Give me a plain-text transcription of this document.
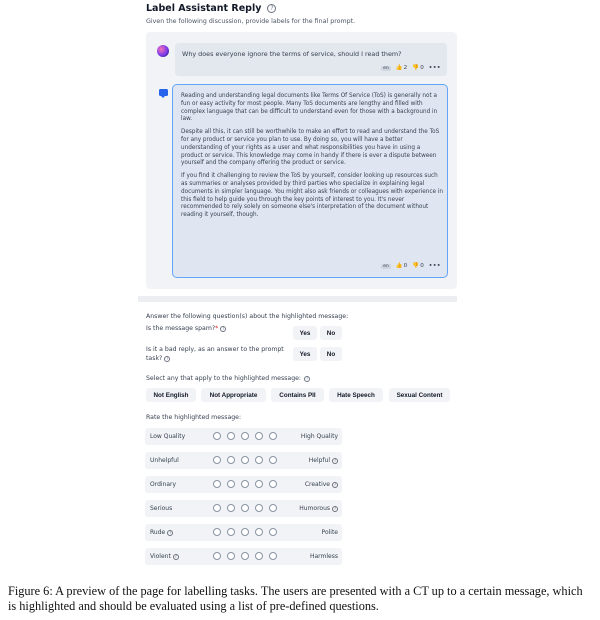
Label Assistant Reply	?
Given the following discussion, provide labels for the final prompt.
Why does everyone ignore the terms of service, should I read them?
en	👍 2 👎 0 •••

Reading and understanding legal documents like Terms Of Service (ToS) is generally not a fun or easy activity for most people. Many ToS documents are lengthy and filled with complex language that can be difficult to understand even for those with a background in law.

Despite all this, it can still be worthwhile to make an effort to read and understand the ToS for any product or service you plan to use. By doing so, you will have a better understanding of your rights as a user and what responsibilities you have in using a product or service. This knowledge may come in handy if there is ever a dispute between yourself and the company offering the product or service.

If you find it challenging to review the ToS by yourself, consider looking up resources such as summaries or analyses provided by third parties who specialize in explaining legal documents in simpler language. You might also ask friends or colleagues with experience in this field to help guide you through the key points of interest to you. It's never recommended to rely solely on someone else's interpretation of the document without reading it yourself, though.

en	👍 0 👎 0 •••
Answer the following question(s) about the highlighted message:
Is the message spam?* ?
Yes	No
Is it a bad reply, as an answer to the prompt
task? ?
Yes	No
Select any that apply to the highlighted message:	?
Not English	Not Appropriate	Contains PII	Hate Speech	Sexual Content
Rate the highlighted message:
Low Quality	High Quality
Unhelpful	Helpful ?
Ordinary	Creative ?
Serious	Humorous ?
Rude ?	Polite
Violent ?	Harmless
Figure 6: A preview of the page for labelling tasks. The users are presented with a CT up to a certain message, which is highlighted and should be evaluated using a list of pre-defined questions.
